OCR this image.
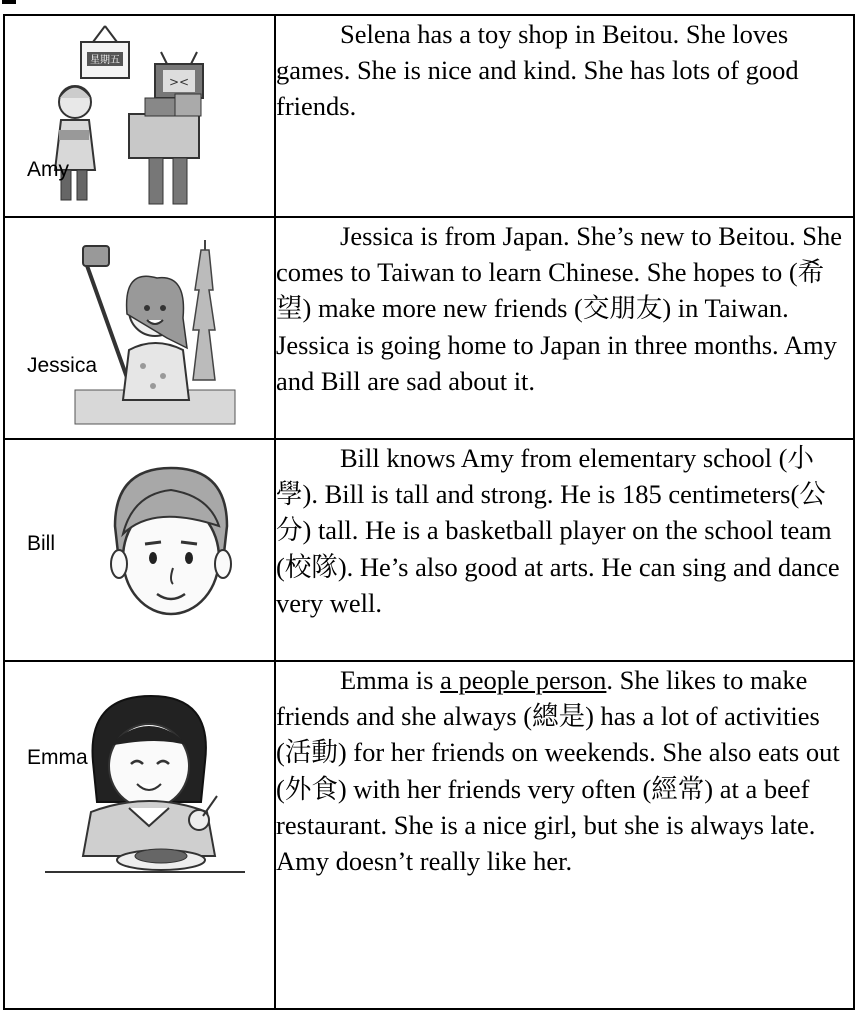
星期五
><
Amy	Selena has a toy shop in Beitou. She loves games. She is nice and kind. She has lots of good friends.

Jessica	Jessica is from Japan. She’s new to Beitou. She comes to Taiwan to learn Chinese. She hopes to (希望) make more new friends (交朋友) in Taiwan. Jessica is going home to Japan in three months. Amy and Bill are sad about it.

Bill	Bill knows Amy from elementary school (小學). Bill is tall and strong. He is 185 centimeters(公分) tall. He is a basketball player on the school team (校隊). He’s also good at arts. He can sing and dance very well.

Emma	Emma is a people person. She likes to make friends and she always (總是) has a lot of activities (活動) for her friends on weekends. She also eats out (外食) with her friends very often (經常) at a beef restaurant. She is a nice girl, but she is always late. Amy doesn’t really like her.
